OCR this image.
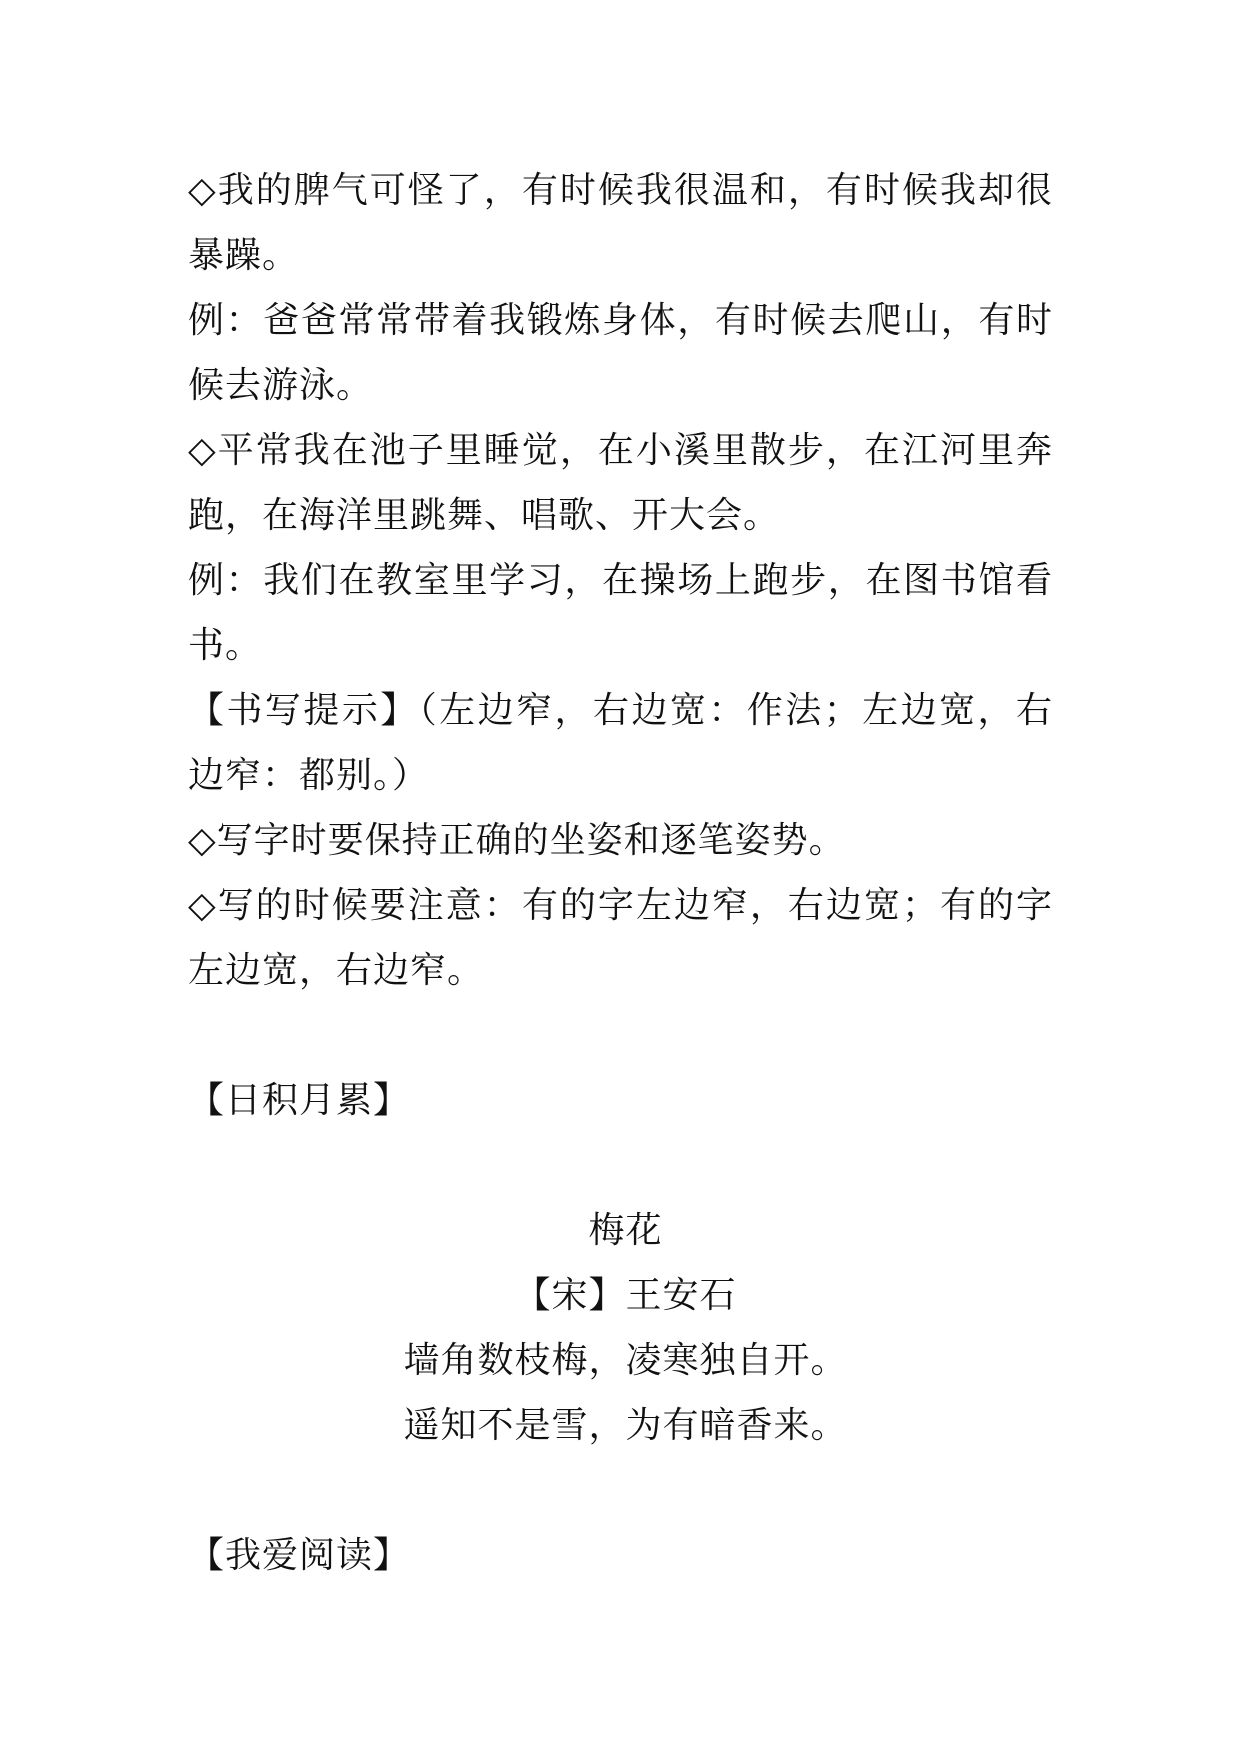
◇我的脾气可怪了，有时候我很温和，有时候我却很暴躁。

例：爸爸常常带着我锻炼身体，有时候去爬山，有时候去游泳。

◇平常我在池子里睡觉，在小溪里散步，在江河里奔跑，在海洋里跳舞、唱歌、开大会。

例：我们在教室里学习，在操场上跑步，在图书馆看书。

【书写提示】（左边窄，右边宽：作法；左边宽，右边窄：都别。）

◇写字时要保持正确的坐姿和逐笔姿势。

◇写的时候要注意：有的字左边窄，右边宽；有的字左边宽，右边窄。

【日积月累】

梅花
【宋】王安石
墙角数枝梅，凌寒独自开。
遥知不是雪，为有暗香来。

【我爱阅读】
